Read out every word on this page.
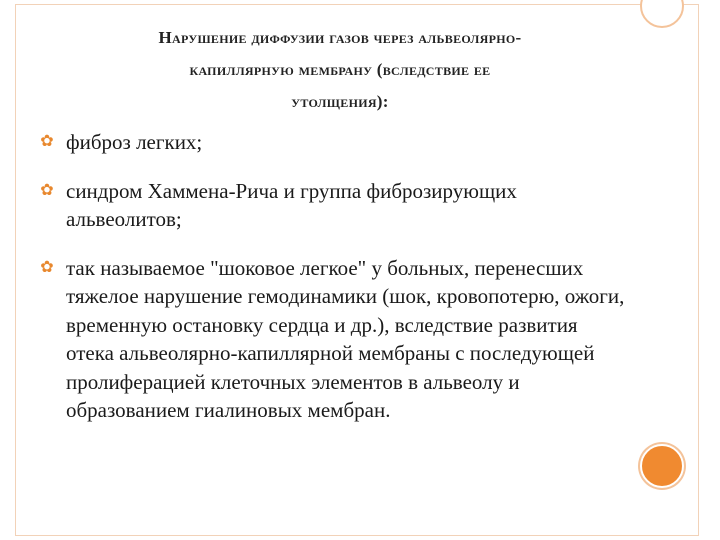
Нарушение диффузии газов через альвеолярно-
капиллярную мембрану (вследствие ее
утолщения):
✿ фиброз легких;
✿ синдром Хаммена-Рича и группа фиброзирующих альвеолитов;
✿ так называемое "шоковое легкое" у больных, перенесших тяжелое нарушение гемодинамики (шок, кровопотерю, ожоги, временную остановку сердца и др.), вследствие развития отека альвеолярно-капиллярной мембраны с последующей пролиферацией клеточных элементов в альвеолу и образованием гиалиновых мембран.
